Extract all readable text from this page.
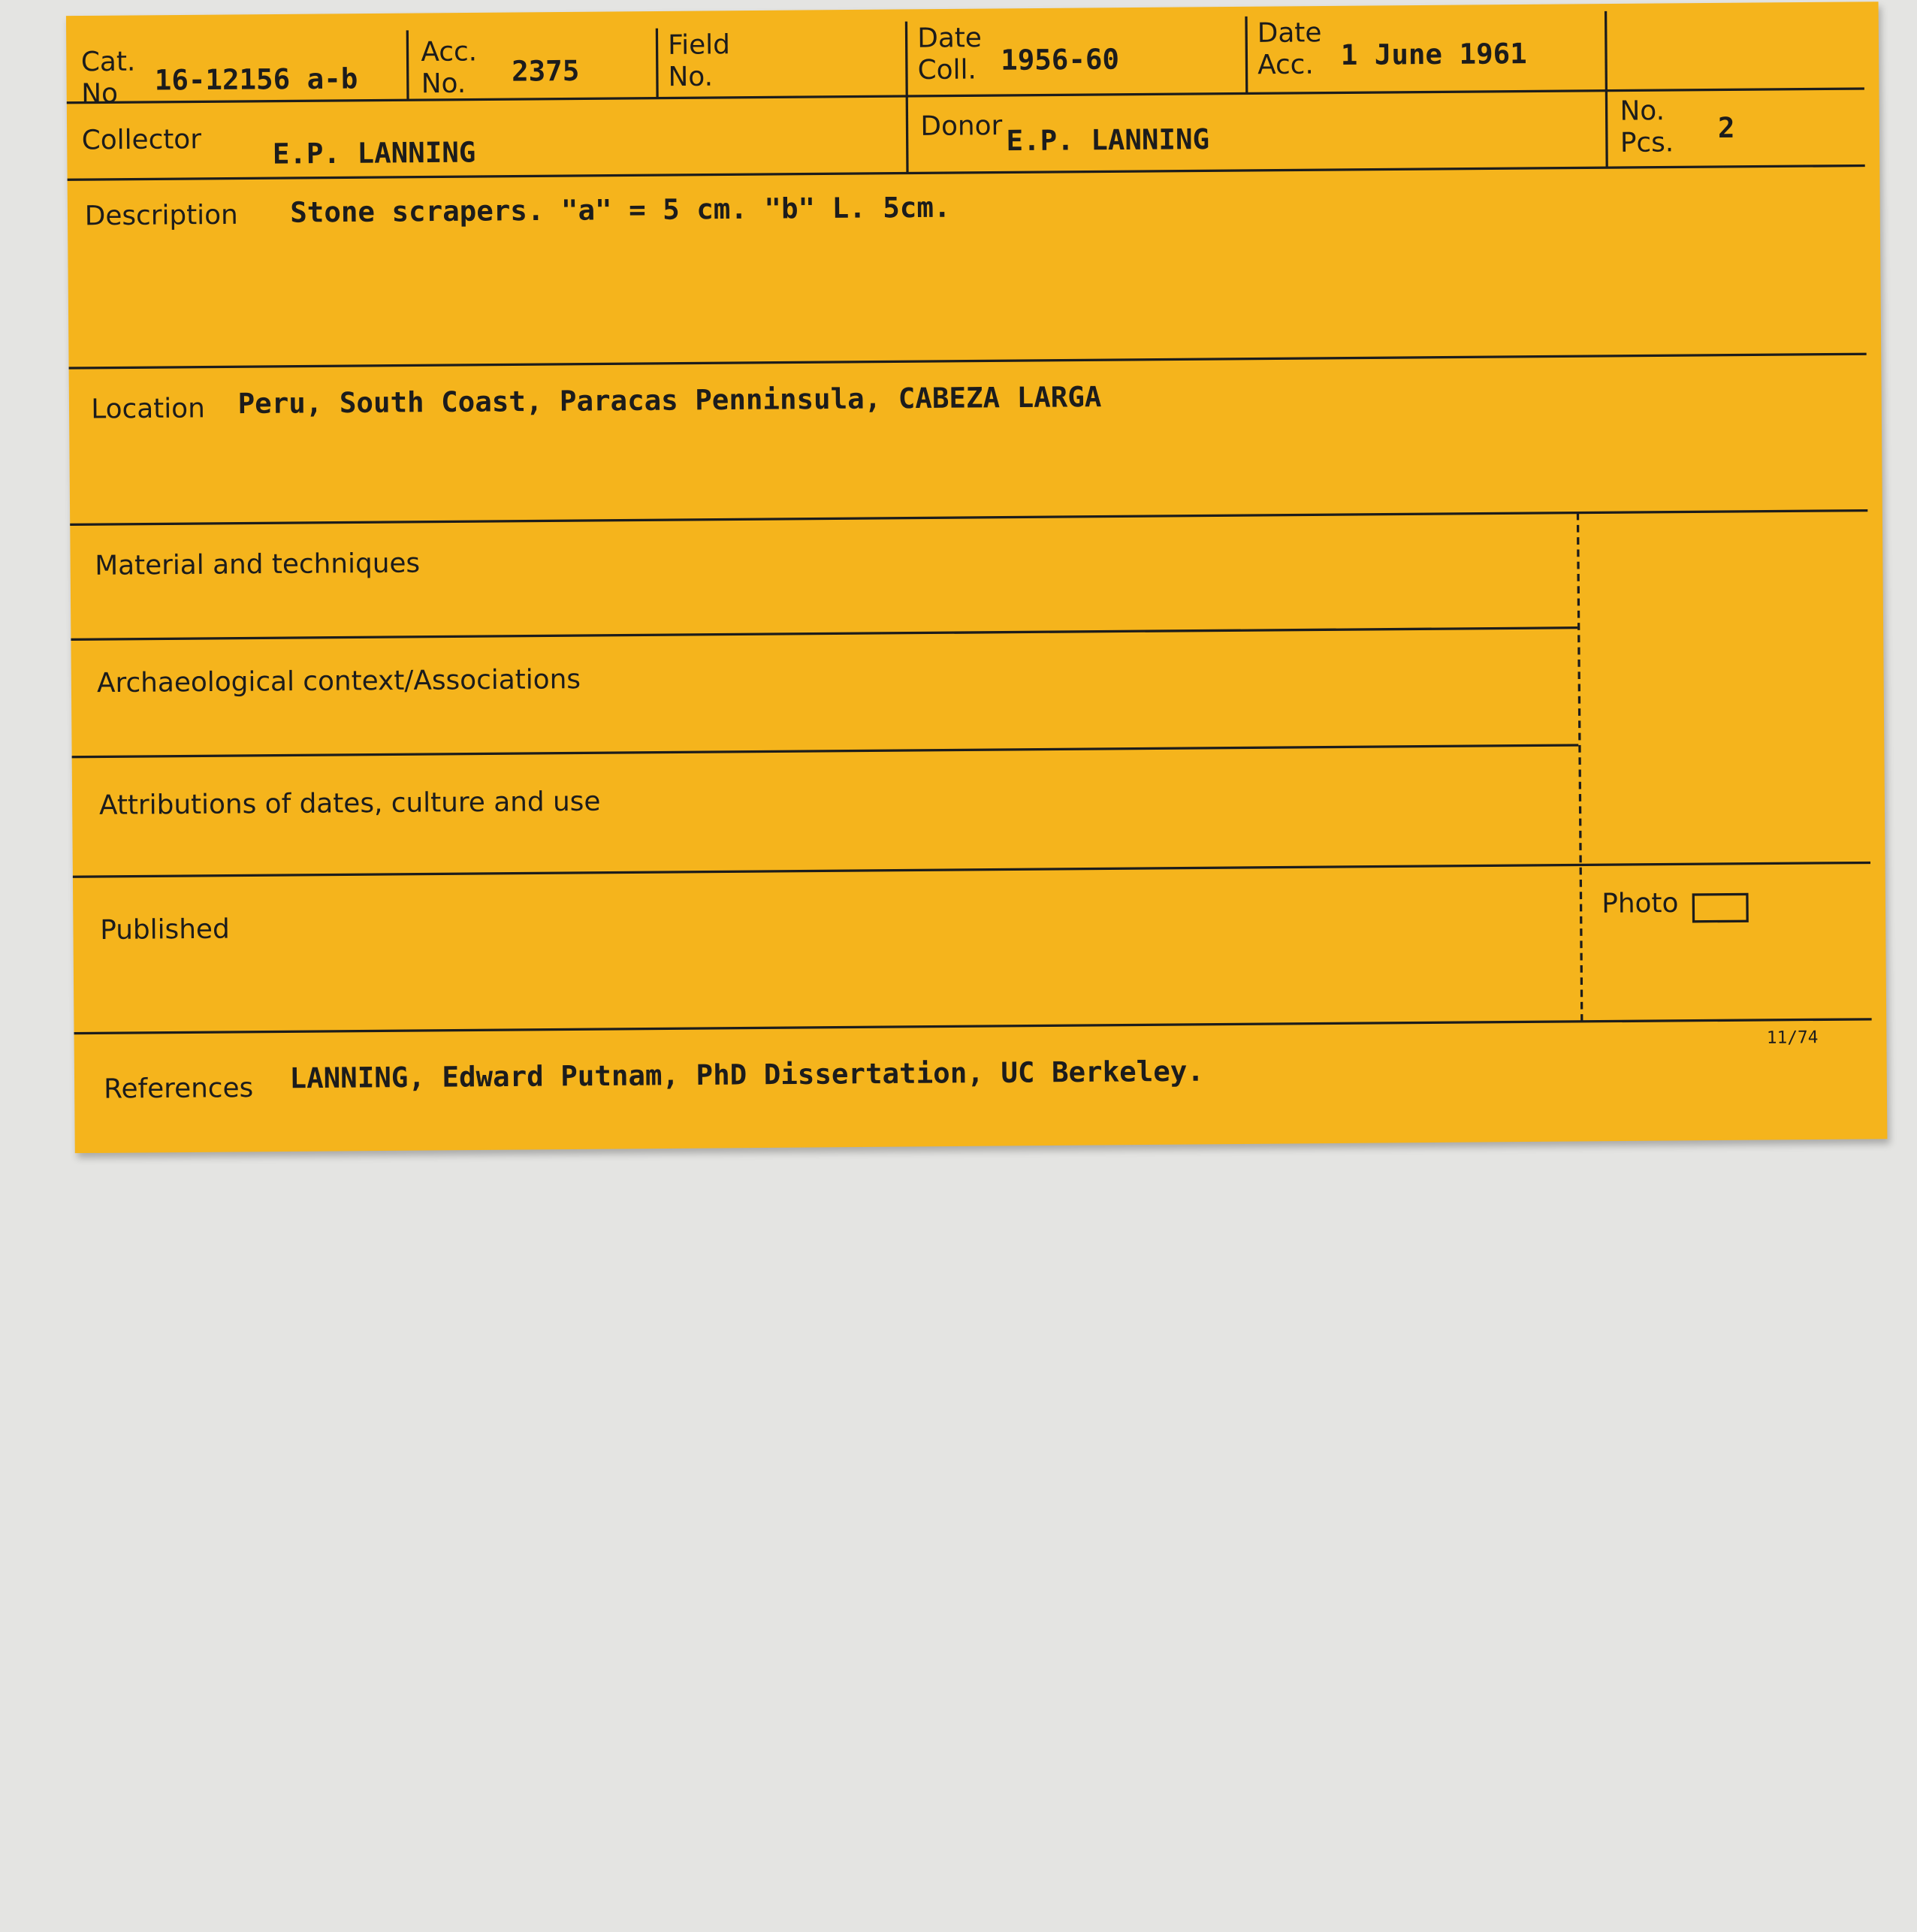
Cat.
No 16-12156 a-b
Acc.
No.	2375
Field
No.
Date
Coll. 1956-60
Date
Acc. 1 June 1961
Collector	E.P. LANNING
Donor E.P. LANNING
No.
Pcs.	2
Description	Stone scrapers. "a" = 5 cm. "b" L. 5cm.
Location Peru, South Coast, Paracas Penninsula, CABEZA LARGA
Material and techniques
Archaeological context/Associations
Attributions of dates, culture and use
Published
Photo
References LANNING, Edward Putnam, PhD Dissertation, UC Berkeley.
11/74
